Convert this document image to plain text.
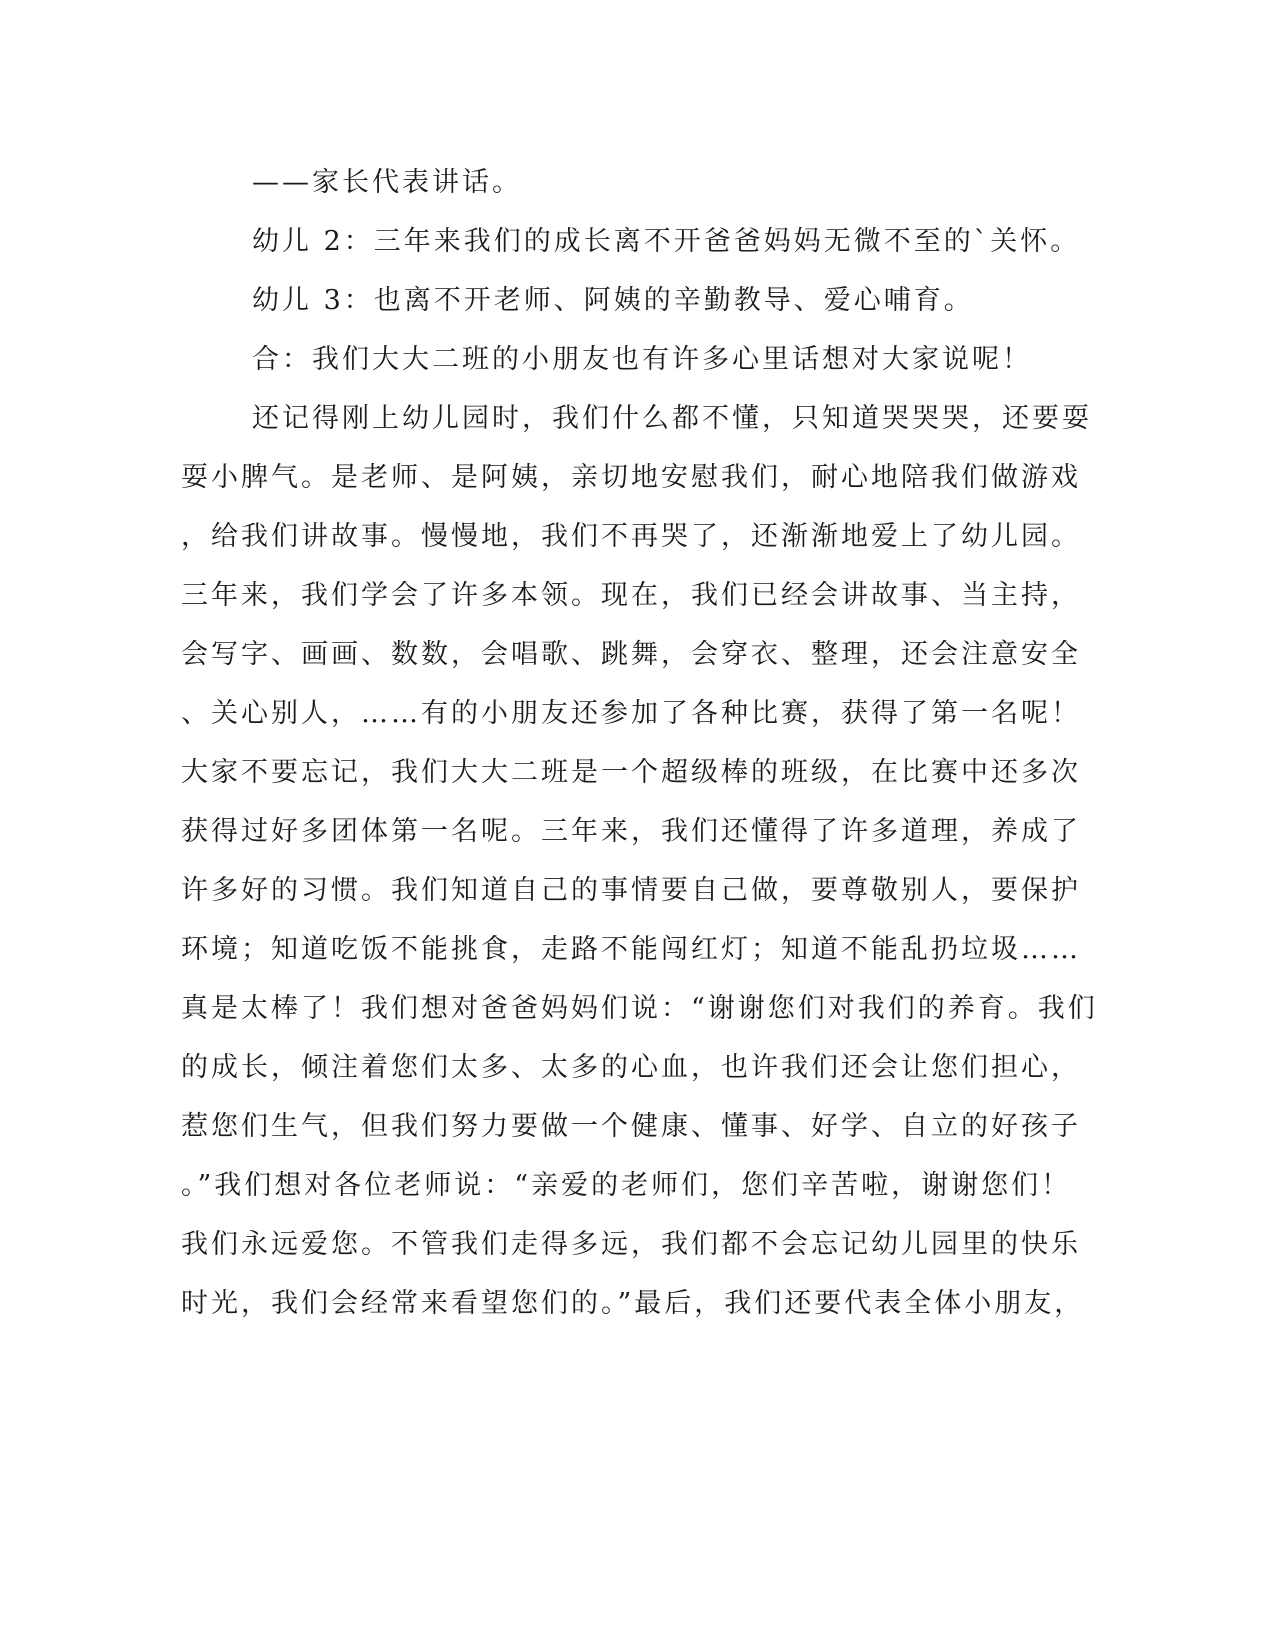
——家长代表讲话。
幼儿 2：三年来我们的成长离不开爸爸妈妈无微不至的`关怀。
幼儿 3：也离不开老师、阿姨的辛勤教导、爱心哺育。
合：我们大大二班的小朋友也有许多心里话想对大家说呢！
还记得刚上幼儿园时，我们什么都不懂，只知道哭哭哭，还要耍
耍小脾气。是老师、是阿姨，亲切地安慰我们，耐心地陪我们做游戏
，给我们讲故事。慢慢地，我们不再哭了，还渐渐地爱上了幼儿园。
三年来，我们学会了许多本领。现在，我们已经会讲故事、当主持，
会写字、画画、数数，会唱歌、跳舞，会穿衣、整理，还会注意安全
、关心别人，……有的小朋友还参加了各种比赛，获得了第一名呢！
大家不要忘记，我们大大二班是一个超级棒的班级，在比赛中还多次
获得过好多团体第一名呢。三年来，我们还懂得了许多道理，养成了
许多好的习惯。我们知道自己的事情要自己做，要尊敬别人，要保护
环境；知道吃饭不能挑食，走路不能闯红灯；知道不能乱扔垃圾……
真是太棒了！我们想对爸爸妈妈们说：“谢谢您们对我们的养育。我们
的成长，倾注着您们太多、太多的心血，也许我们还会让您们担心，
惹您们生气，但我们努力要做一个健康、懂事、好学、自立的好孩子
。”我们想对各位老师说：“亲爱的老师们，您们辛苦啦，谢谢您们！
我们永远爱您。不管我们走得多远，我们都不会忘记幼儿园里的快乐
时光，我们会经常来看望您们的。”最后，我们还要代表全体小朋友，
